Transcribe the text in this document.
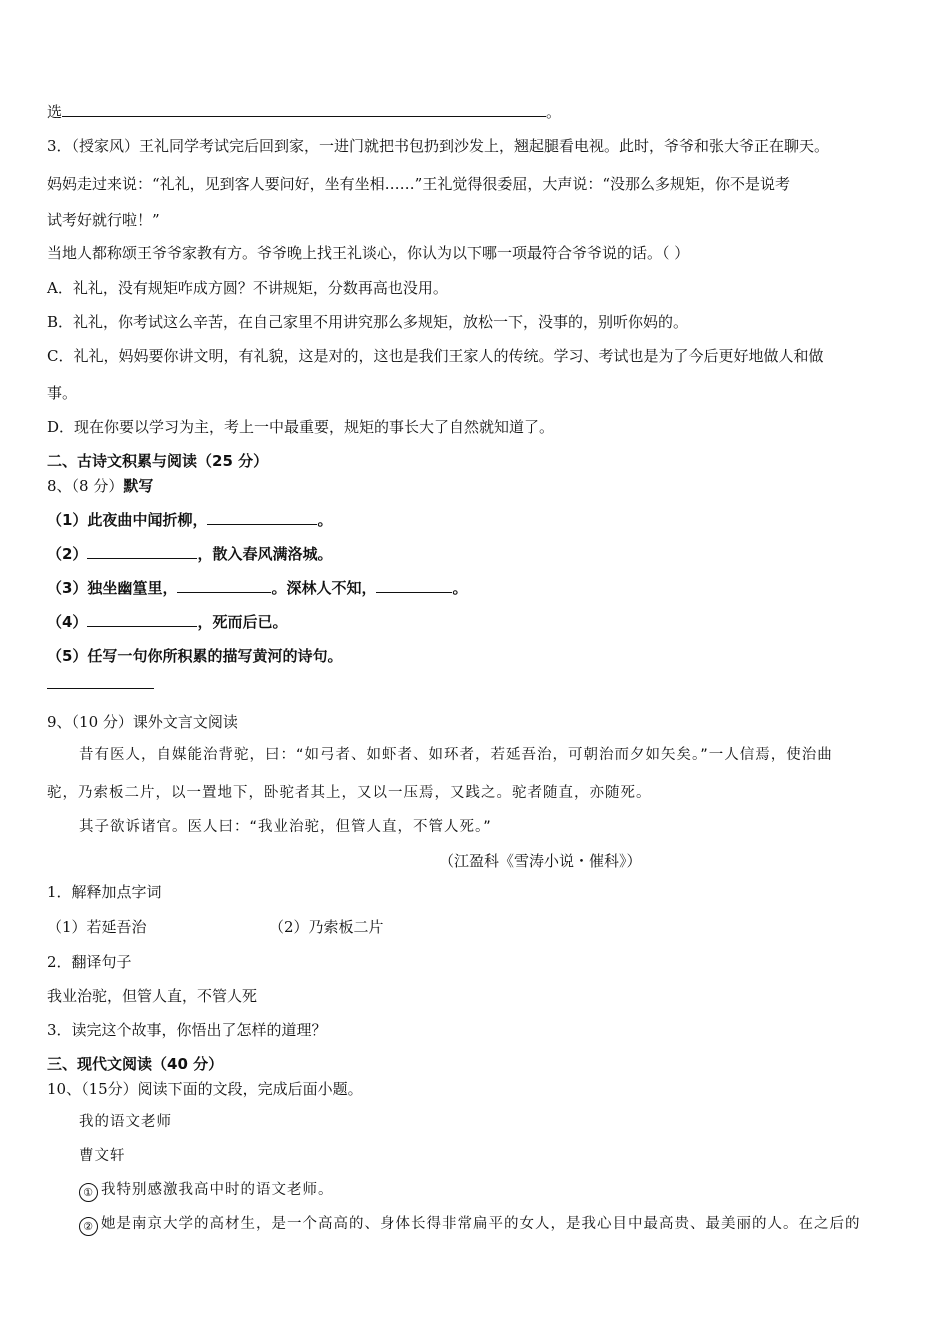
选	。
3．（授家风）王礼同学考试完后回到家，一进门就把书包扔到沙发上，翘起腿看电视。此时，爷爷和张大爷正在聊天。
妈妈走过来说：“礼礼，见到客人要问好，坐有坐相……”王礼觉得很委屈，大声说：“没那么多规矩，你不是说考
试考好就行啦！”
当地人都称颂王爷爷家教有方。爷爷晚上找王礼谈心，你认为以下哪一项最符合爷爷说的话。（ ）
A．礼礼，没有规矩咋成方圆？不讲规矩，分数再高也没用。
B．礼礼，你考试这么辛苦，在自己家里不用讲究那么多规矩，放松一下，没事的，别听你妈的。
C．礼礼，妈妈要你讲文明，有礼貌，这是对的，这也是我们王家人的传统。学习、考试也是为了今后更好地做人和做
事。
D．现在你要以学习为主，考上一中最重要，规矩的事长大了自然就知道了。
二、古诗文积累与阅读（25 分）
8、（8 分）默写
（1）此夜曲中闻折柳，	。
（2）	，散入春风满洛城。
（3）独坐幽篁里，	。深林人不知，	。
（4）	，死而后已。
（5）任写一句你所积累的描写黄河的诗句。
9、（10 分）课外文言文阅读
昔有医人，自媒能治背驼，曰：“如弓者、如虾者、如环者，若延吾治，可朝治而夕如矢矣。”一人信焉，使治曲
驼，乃索板二片，以一置地下，卧驼者其上，又以一压焉，又践之。驼者随直，亦随死。
其子欲诉诸官。医人曰：“我业治驼，但管人直，不管人死。”
（江盈科《雪涛小说・催科》）
1．解释加点字词
（1）若延吾治	（2）乃索板二片
2．翻译句子
我业治驼，但管人直，不管人死
3．读完这个故事，你悟出了怎样的道理？
三、现代文阅读（40 分）
10、（15分）阅读下面的文段，完成后面小题。
我的语文老师
曹文轩
① 我特别感激我高中时的语文老师。
② 她是南京大学的高材生，是一个高高的、身体长得非常扁平的女人，是我心目中最高贵、最美丽的人。在之后的
